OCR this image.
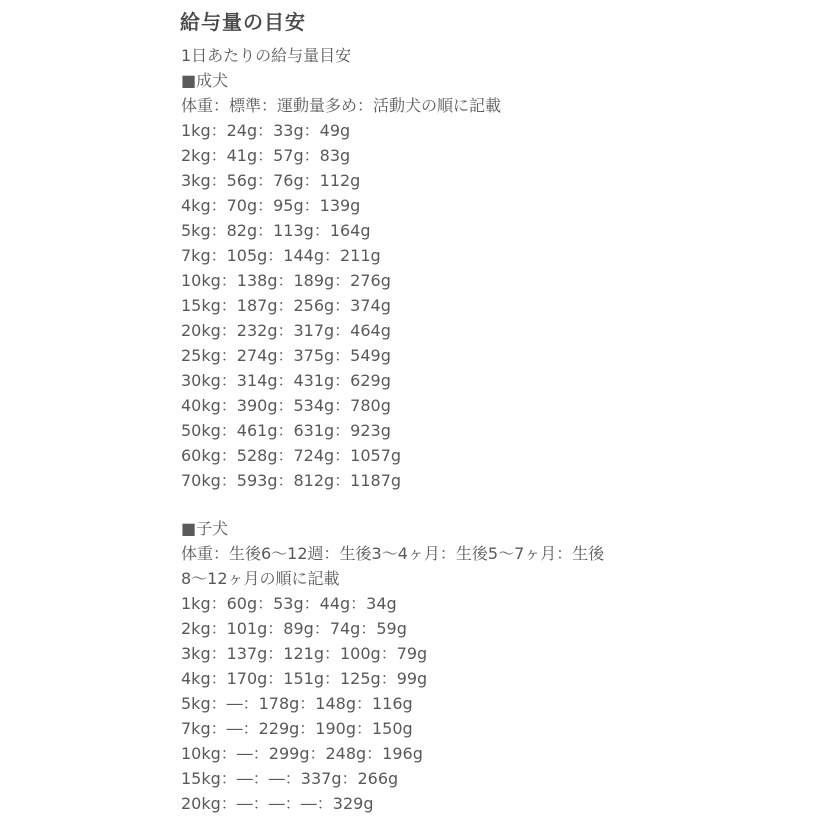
給与量の目安
1日あたりの給与量目安
■成犬
体重：標準：運動量多め：活動犬の順に記載
1kg：24g：33g：49g
2kg：41g：57g：83g
3kg：56g：76g：112g
4kg：70g：95g：139g
5kg：82g：113g：164g
7kg：105g：144g：211g
10kg：138g：189g：276g
15kg：187g：256g：374g
20kg：232g：317g：464g
25kg：274g：375g：549g
30kg：314g：431g：629g
40kg：390g：534g：780g
50kg：461g：631g：923g
60kg：528g：724g：1057g
70kg：593g：812g：1187g
■子犬
体重：生後6〜12週：生後3〜4ヶ月：生後5〜7ヶ月：生後
8〜12ヶ月の順に記載
1kg：60g：53g：44g：34g
2kg：101g：89g：74g：59g
3kg：137g：121g：100g：79g
4kg：170g：151g：125g：99g
5kg：―：178g：148g：116g
7kg：―：229g：190g：150g
10kg：―：299g：248g：196g
15kg：―：―：337g：266g
20kg：―：―：―：329g
